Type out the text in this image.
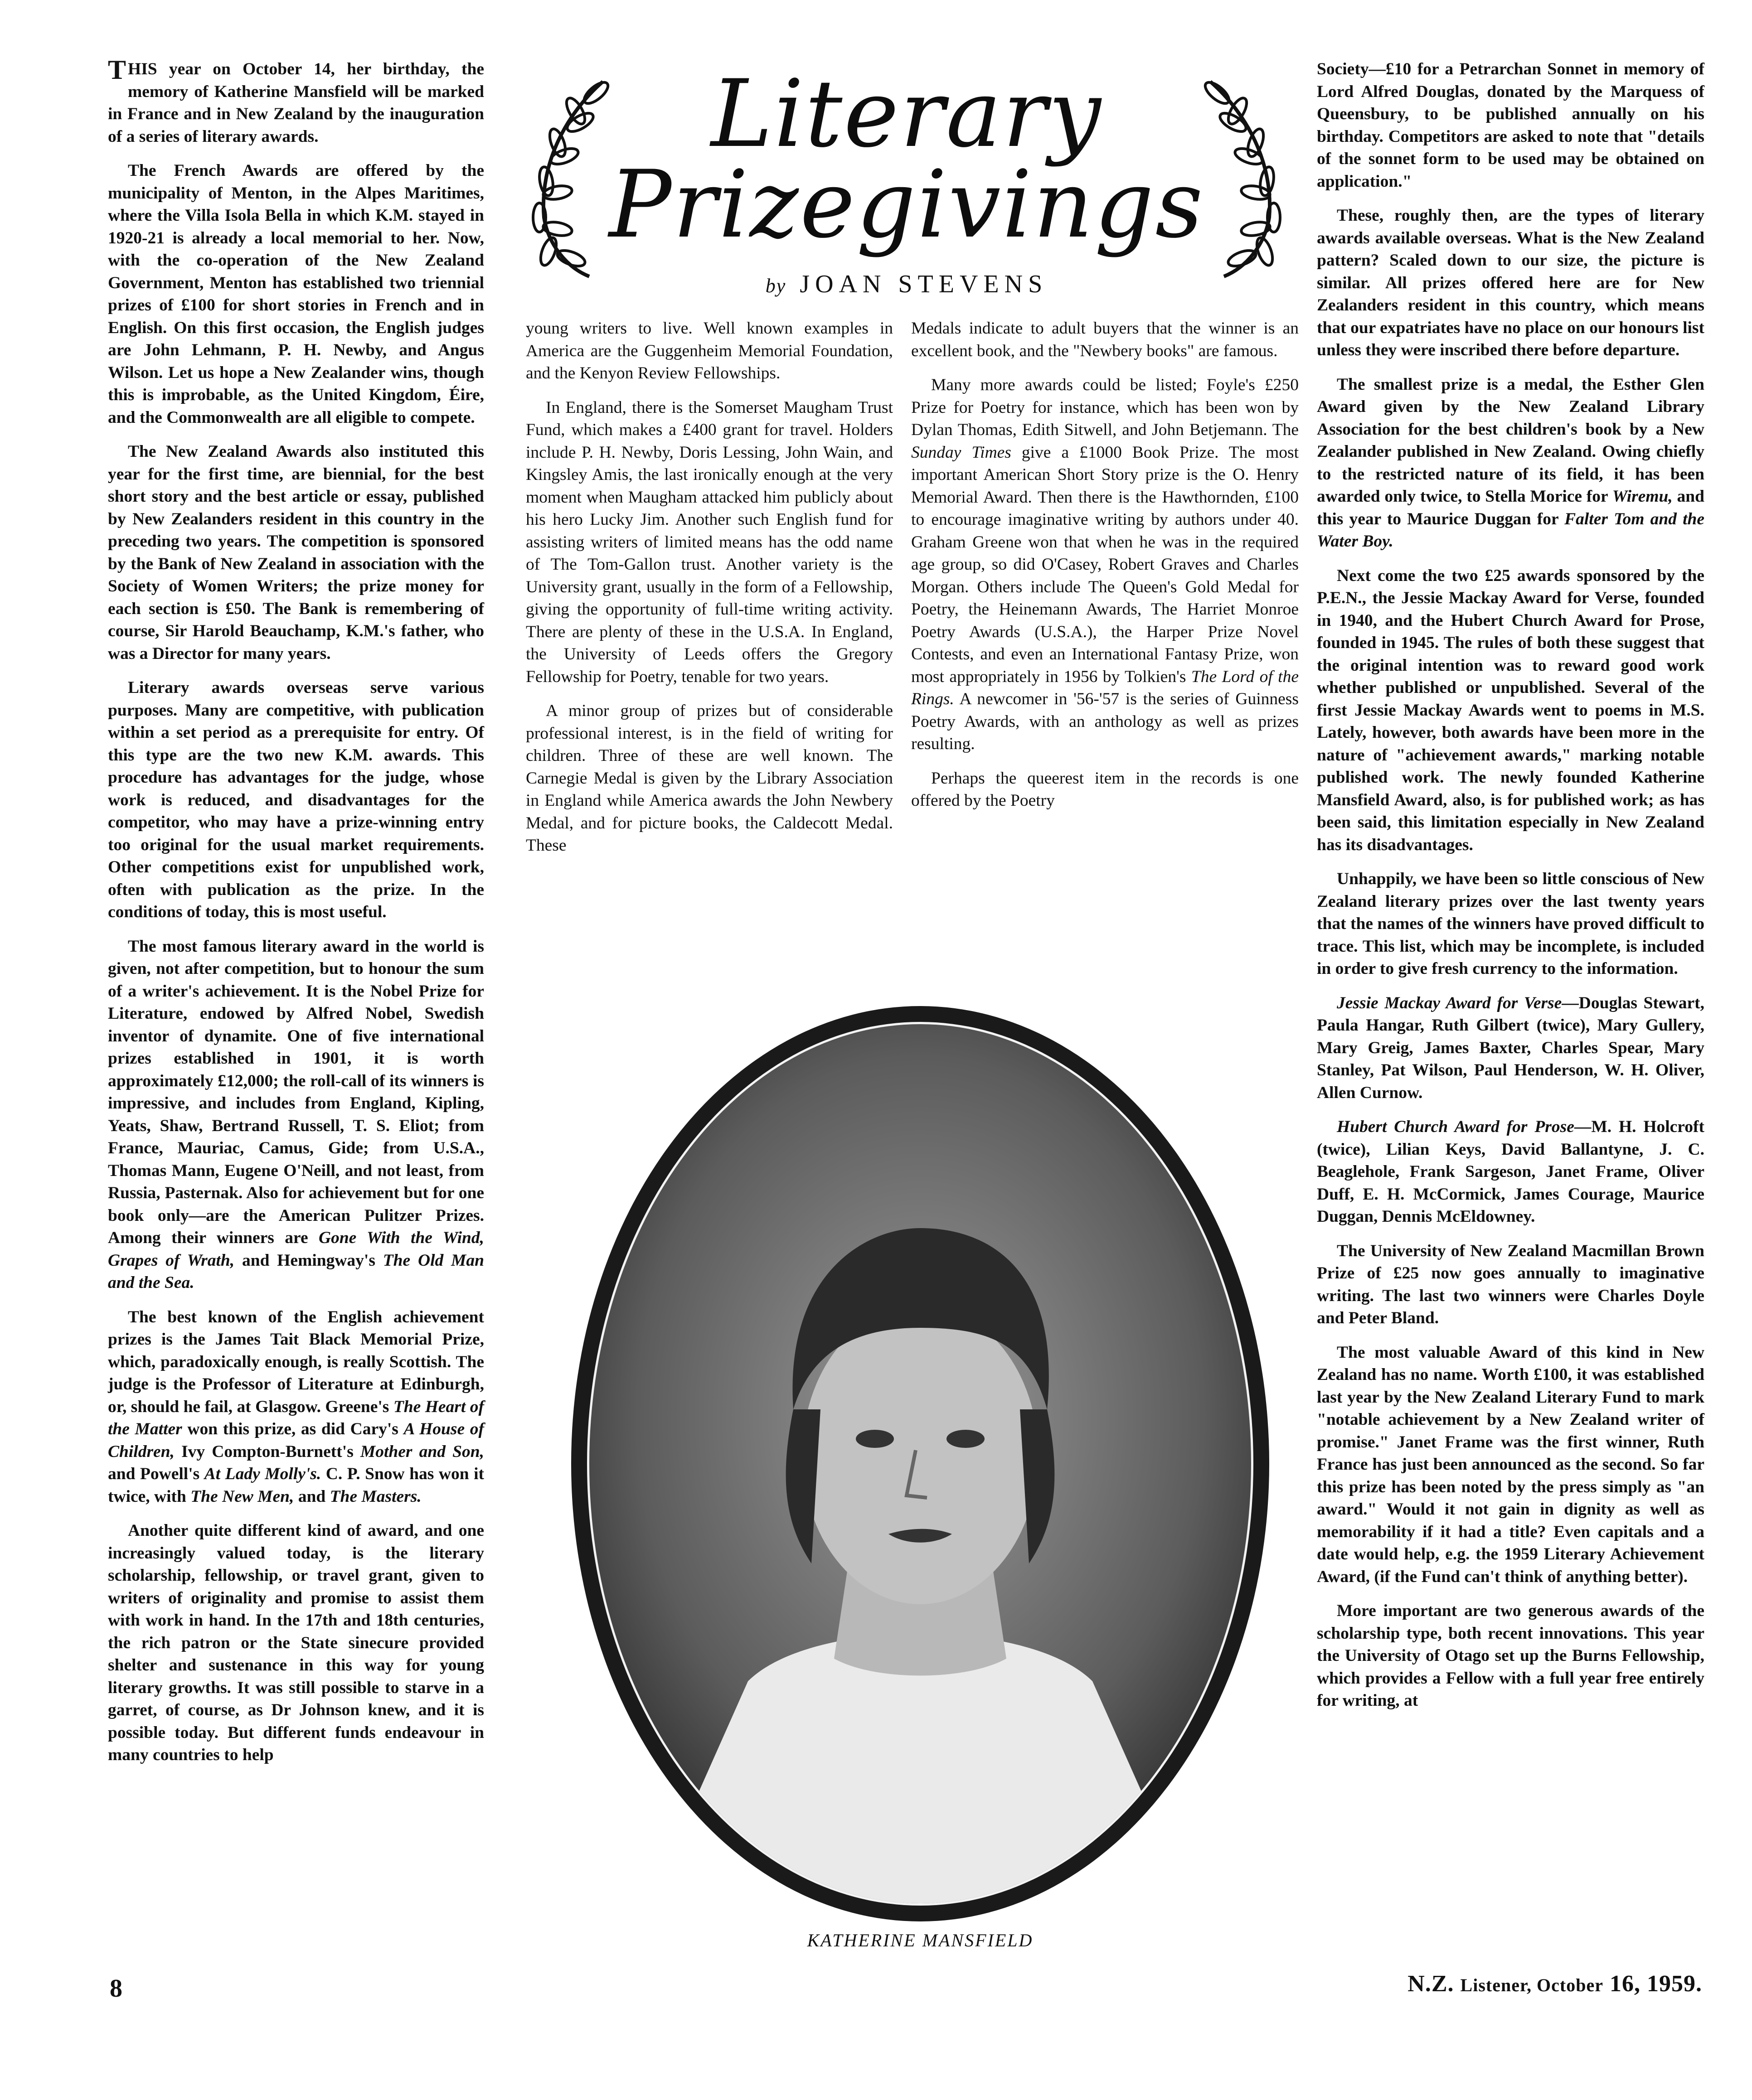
Literary
Prizegivings
by JOAN STEVENS

THIS year on October 14, her birthday, the memory of Katherine Mansfield will be marked in France and in New Zealand by the inauguration of a series of literary awards.

The French Awards are offered by the municipality of Menton, in the Alpes Maritimes, where the Villa Isola Bella in which K.M. stayed in 1920-21 is already a local memorial to her. Now, with the co-operation of the New Zealand Government, Menton has established two triennial prizes of £100 for short stories in French and in English. On this first occasion, the English judges are John Lehmann, P. H. Newby, and Angus Wilson. Let us hope a New Zealander wins, though this is improbable, as the United Kingdom, Éire, and the Commonwealth are all eligible to compete.

The New Zealand Awards also instituted this year for the first time, are biennial, for the best short story and the best article or essay, published by New Zealanders resident in this country in the preceding two years. The competition is sponsored by the Bank of New Zealand in association with the Society of Women Writers; the prize money for each section is £50. The Bank is remembering of course, Sir Harold Beauchamp, K.M.'s father, who was a Director for many years.

Literary awards overseas serve various purposes. Many are competitive, with publication within a set period as a prerequisite for entry. Of this type are the two new K.M. awards. This procedure has advantages for the judge, whose work is reduced, and disadvantages for the competitor, who may have a prize-winning entry too original for the usual market requirements. Other competitions exist for unpublished work, often with publication as the prize. In the conditions of today, this is most useful.

The most famous literary award in the world is given, not after competition, but to honour the sum of a writer's achievement. It is the Nobel Prize for Literature, endowed by Alfred Nobel, Swedish inventor of dynamite. One of five international prizes established in 1901, it is worth approximately £12,000; the roll-call of its winners is impressive, and includes from England, Kipling, Yeats, Shaw, Bertrand Russell, T. S. Eliot; from France, Mauriac, Camus, Gide; from U.S.A., Thomas Mann, Eugene O'Neill, and not least, from Russia, Pasternak. Also for achievement but for one book only—are the American Pulitzer Prizes. Among their winners are Gone With the Wind, Grapes of Wrath, and Hemingway's The Old Man and the Sea.

The best known of the English achievement prizes is the James Tait Black Memorial Prize, which, paradoxically enough, is really Scottish. The judge is the Professor of Literature at Edinburgh, or, should he fail, at Glasgow. Greene's The Heart of the Matter won this prize, as did Cary's A House of Children, Ivy Compton-Burnett's Mother and Son, and Powell's At Lady Molly's. C. P. Snow has won it twice, with The New Men, and The Masters.

Another quite different kind of award, and one increasingly valued today, is the literary scholarship, fellowship, or travel grant, given to writers of originality and promise to assist them with work in hand. In the 17th and 18th centuries, the rich patron or the State sinecure provided shelter and sustenance in this way for young literary growths. It was still possible to starve in a garret, of course, as Dr Johnson knew, and it is possible today. But different funds endeavour in many countries to help

young writers to live. Well known examples in America are the Guggenheim Memorial Foundation, and the Kenyon Review Fellowships.

In England, there is the Somerset Maugham Trust Fund, which makes a £400 grant for travel. Holders include P. H. Newby, Doris Lessing, John Wain, and Kingsley Amis, the last ironically enough at the very moment when Maugham attacked him publicly about his hero Lucky Jim. Another such English fund for assisting writers of limited means has the odd name of The Tom-Gallon trust. Another variety is the University grant, usually in the form of a Fellowship, giving the opportunity of full-time writing activity. There are plenty of these in the U.S.A. In England, the University of Leeds offers the Gregory Fellowship for Poetry, tenable for two years.

A minor group of prizes but of considerable professional interest, is in the field of writing for children. Three of these are well known. The Carnegie Medal is given by the Library Association in England while America awards the John Newbery Medal, and for picture books, the Caldecott Medal. These

Medals indicate to adult buyers that the winner is an excellent book, and the "Newbery books" are famous.

Many more awards could be listed; Foyle's £250 Prize for Poetry for instance, which has been won by Dylan Thomas, Edith Sitwell, and John Betjemann. The Sunday Times give a £1000 Book Prize. The most important American Short Story prize is the O. Henry Memorial Award. Then there is the Hawthornden, £100 to encourage imaginative writing by authors under 40. Graham Greene won that when he was in the required age group, so did O'Casey, Robert Graves and Charles Morgan. Others include The Queen's Gold Medal for Poetry, the Heinemann Awards, The Harriet Monroe Poetry Awards (U.S.A.), the Harper Prize Novel Contests, and even an International Fantasy Prize, won most appropriately in 1956 by Tolkien's The Lord of the Rings. A newcomer in '56-'57 is the series of Guinness Poetry Awards, with an anthology as well as prizes resulting.

Perhaps the queerest item in the records is one offered by the Poetry

Society—£10 for a Petrarchan Sonnet in memory of Lord Alfred Douglas, donated by the Marquess of Queensbury, to be published annually on his birthday. Competitors are asked to note that "details of the sonnet form to be used may be obtained on application."

These, roughly then, are the types of literary awards available overseas. What is the New Zealand pattern? Scaled down to our size, the picture is similar. All prizes offered here are for New Zealanders resident in this country, which means that our expatriates have no place on our honours list unless they were inscribed there before departure.

The smallest prize is a medal, the Esther Glen Award given by the New Zealand Library Association for the best children's book by a New Zealander published in New Zealand. Owing chiefly to the restricted nature of its field, it has been awarded only twice, to Stella Morice for Wiremu, and this year to Maurice Duggan for Falter Tom and the Water Boy.

Next come the two £25 awards sponsored by the P.E.N., the Jessie Mackay Award for Verse, founded in 1940, and the Hubert Church Award for Prose, founded in 1945. The rules of both these suggest that the original intention was to reward good work whether published or unpublished. Several of the first Jessie Mackay Awards went to poems in M.S. Lately, however, both awards have been more in the nature of "achievement awards," marking notable published work. The newly founded Katherine Mansfield Award, also, is for published work; as has been said, this limitation especially in New Zealand has its disadvantages.

Unhappily, we have been so little conscious of New Zealand literary prizes over the last twenty years that the names of the winners have proved difficult to trace. This list, which may be incomplete, is included in order to give fresh currency to the information.

Jessie Mackay Award for Verse—Douglas Stewart, Paula Hangar, Ruth Gilbert (twice), Mary Gullery, Mary Greig, James Baxter, Charles Spear, Mary Stanley, Pat Wilson, Paul Henderson, W. H. Oliver, Allen Curnow.

Hubert Church Award for Prose—M. H. Holcroft (twice), Lilian Keys, David Ballantyne, J. C. Beaglehole, Frank Sargeson, Janet Frame, Oliver Duff, E. H. McCormick, James Courage, Maurice Duggan, Dennis McEldowney.

The University of New Zealand Macmillan Brown Prize of £25 now goes annually to imaginative writing. The last two winners were Charles Doyle and Peter Bland.

The most valuable Award of this kind in New Zealand has no name. Worth £100, it was established last year by the New Zealand Literary Fund to mark "notable achievement by a New Zealand writer of promise." Janet Frame was the first winner, Ruth France has just been announced as the second. So far this prize has been noted by the press simply as "an award." Would it not gain in dignity as well as memorability if it had a title? Even capitals and a date would help, e.g. the 1959 Literary Achievement Award, (if the Fund can't think of anything better).

More important are two generous awards of the scholarship type, both recent innovations. This year the University of Otago set up the Burns Fellowship, which provides a Fellow with a full year free entirely for writing, at

KATHERINE MANSFIELD
8	N.Z. Listener, October 16, 1959.
